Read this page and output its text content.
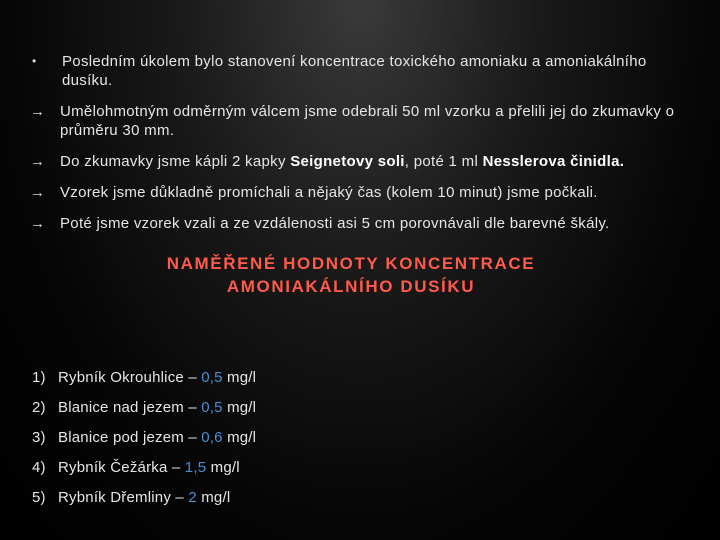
•	Posledním úkolem bylo stanovení koncentrace toxického amoniaku a amoniakálního dusíku.
→ Umělohmotným odměrným válcem jsme odebrali 50 ml vzorku a přelili jej do zkumavky o průměru 30 mm.
→ Do zkumavky jsme kápli 2 kapky Seignetovy soli, poté 1 ml Nesslerova činidla.
→ Vzorek jsme důkladně promíchali a nějaký čas (kolem 10 minut) jsme počkali.
→ Poté jsme vzorek vzali a ze vzdálenosti asi 5 cm porovnávali dle barevné škály.
NAMĚŘENÉ HODNOTY KONCENTRACE
AMONIAKÁLNÍHO DUSÍKU
1) Rybník Okrouhlice – 0,5 mg/l
2) Blanice nad jezem – 0,5 mg/l
3) Blanice pod jezem – 0,6 mg/l
4) Rybník Čežárka – 1,5 mg/l
5) Rybník Dřemliny – 2 mg/l
